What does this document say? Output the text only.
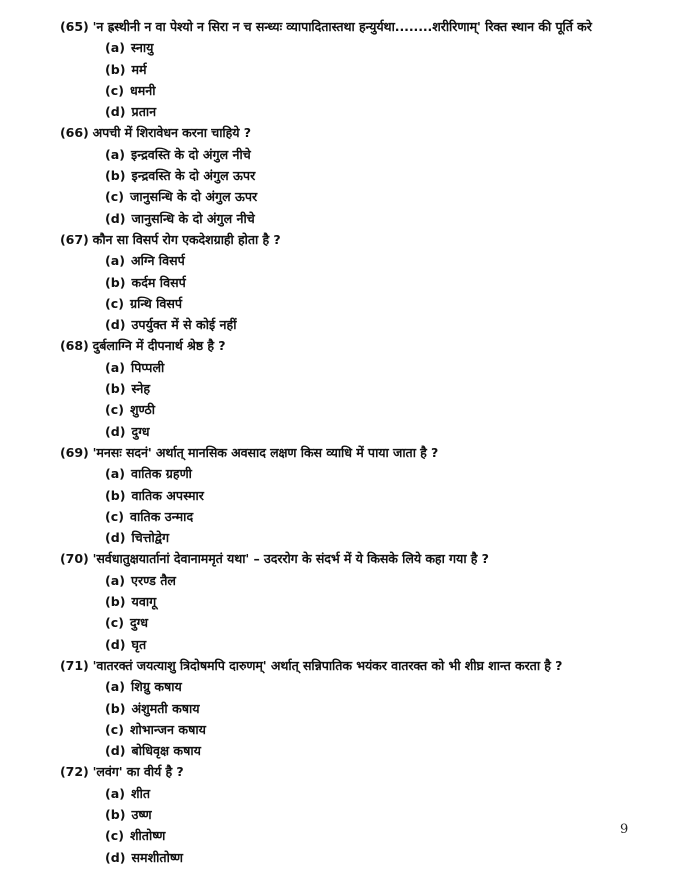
(65) 'न ह्रस्थीनी न वा पेश्यो न सिरा न च सन्ध्यः व्यापादितास्तथा हन्युर्यथा........शरीरिणाम्' रिक्त स्थान की पूर्ति करे
(a) स्नायु
(b) मर्म
(c) धमनी
(d) प्रतान
(66) अपची में शिरावेधन करना चाहिये ?
(a) इन्द्रवस्ति के दो अंगुल नीचे
(b) इन्द्रवस्ति के दो अंगुल ऊपर
(c) जानुसन्धि के दो अंगुल ऊपर
(d) जानुसन्धि के दो अंगुल नीचे
(67) कौन सा विसर्प रोग एकदेशग्राही होता है ?
(a) अग्नि विसर्प
(b) कर्दम विसर्प
(c) ग्रन्थि विसर्प
(d) उपर्युक्त में से कोई नहीं
(68) दुर्बलाग्नि में दीपनार्थ श्रेष्ठ है ?
(a) पिप्पली
(b) स्नेह
(c) शुण्ठी
(d) दुग्ध
(69) 'मनसः सदनं' अर्थात् मानसिक अवसाद लक्षण किस व्याधि में पाया जाता है ?
(a) वातिक ग्रहणी
(b) वातिक अपस्मार
(c) वातिक उन्माद
(d) चित्तोद्वेग
(70) 'सर्वधातुक्षयार्तानां देवानाममृतं यथा' – उदररोग के संदर्भ में ये किसके लिये कहा गया है ?
(a) एरण्ड तैल
(b) यवागू
(c) दुग्ध
(d) घृत
(71) 'वातरक्तं जयत्याशु त्रिदोषमपि दारुणम्' अर्थात् सन्निपातिक भयंकर वातरक्त को भी शीघ्र शान्त करता है ?
(a) शिग्रु कषाय
(b) अंशुमती कषाय
(c) शोभान्जन कषाय
(d) बोधिवृक्ष कषाय
(72) 'लवंग' का वीर्य है ?
(a) शीत
(b) उष्ण
(c) शीतोष्ण
(d) समशीतोष्ण
9
